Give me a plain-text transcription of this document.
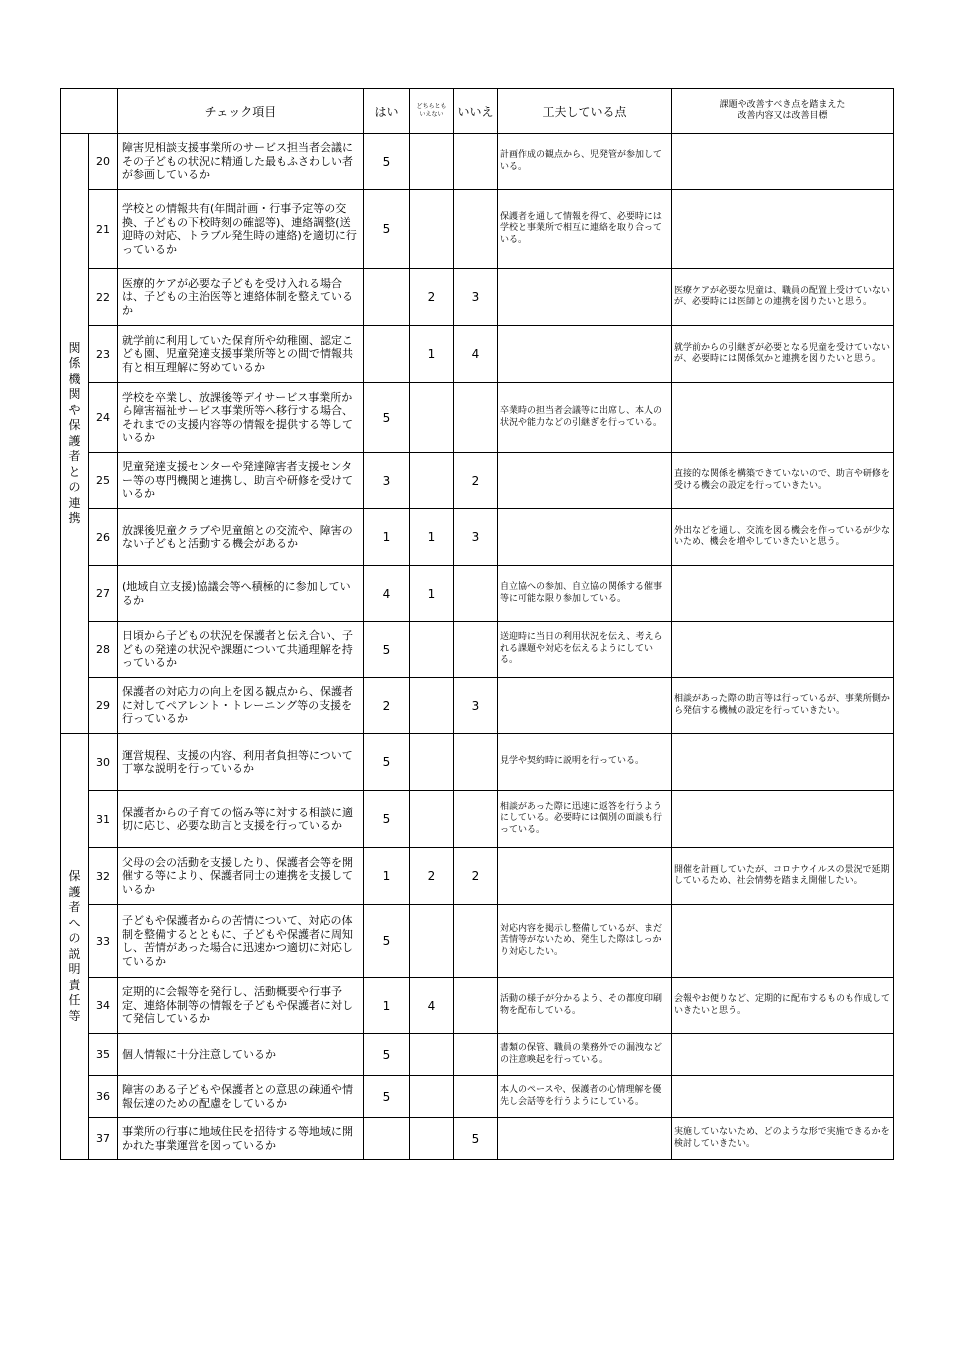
		チェック項目	はい	どちらとも
いえない	いいえ	工夫している点	課題や改善すべき点を踏まえた
改善内容又は改善目標
関係機関や保護者との連携	20	障害児相談支援事業所のサービス担当者会議にその子どもの状況に精通した最もふさわしい者が参画しているか	5			計画作成の観点から、児発管が参加している。	
	21	学校との情報共有(年間計画・行事予定等の交換、子どもの下校時刻の確認等)、連絡調整(送迎時の対応、トラブル発生時の連絡)を適切に行っているか	5			保護者を通して情報を得て、必要時には学校と事業所で相互に連絡を取り合っている。	
	22	医療的ケアが必要な子どもを受け入れる場合は、子どもの主治医等と連絡体制を整えているか		2	3		医療ケアが必要な児童は、職員の配置上受けていないが、必要時には医師との連携を図りたいと思う。
	23	就学前に利用していた保育所や幼稚園、認定こども園、児童発達支援事業所等との間で情報共有と相互理解に努めているか		1	4		就学前からの引継ぎが必要となる児童を受けていないが、必要時には関係気かと連携を図りたいと思う。
	24	学校を卒業し、放課後等デイサービス事業所から障害福祉サービス事業所等へ移行する場合、それまでの支援内容等の情報を提供する等しているか	5			卒業時の担当者会議等に出席し、本人の状況や能力などの引継ぎを行っている。	
	25	児童発達支援センターや発達障害者支援センター等の専門機関と連携し、助言や研修を受けているか	3		2		直接的な関係を構築できていないので、助言や研修を受ける機会の設定を行っていきたい。
	26	放課後児童クラブや児童館との交流や、障害のない子どもと活動する機会があるか	1	1	3		外出などを通し、交流を図る機会を作っているが少ないため、機会を増やしていきたいと思う。
	27	(地域自立支援)協議会等へ積極的に参加しているか	4	1		自立協への参加、自立協の関係する催事等に可能な限り参加している。	
	28	日頃から子どもの状況を保護者と伝え合い、子どもの発達の状況や課題について共通理解を持っているか	5			送迎時に当日の利用状況を伝え、考えられる課題や対応を伝えるようにしている。	
	29	保護者の対応力の向上を図る観点から、保護者に対してペアレント・トレーニング等の支援を行っているか	2		3		相談があった際の助言等は行っているが、事業所側から発信する機械の設定を行っていきたい。
保護者への説明責任等	30	運営規程、支援の内容、利用者負担等について丁寧な説明を行っているか	5			見学や契約時に説明を行っている。	
	31	保護者からの子育ての悩み等に対する相談に適切に応じ、必要な助言と支援を行っているか	5			相談があった際に迅速に返答を行うようにしている。必要時には個別の面談も行っている。	
	32	父母の会の活動を支援したり、保護者会等を開催する等により、保護者同士の連携を支援しているか	1	2	2		開催を計画していたが、コロナウイルスの景況で延期しているため、社会情勢を踏まえ開催したい。
	33	子どもや保護者からの苦情について、対応の体制を整備するとともに、子どもや保護者に周知し、苦情があった場合に迅速かつ適切に対応しているか	5			対応内容を掲示し整備しているが、まだ苦情等がないため、発生した際はしっかり対応したい。	
	34	定期的に会報等を発行し、活動概要や行事予定、連絡体制等の情報を子どもや保護者に対して発信しているか	1	4		活動の様子が分かるよう、その都度印刷物を配布している。	会報やお便りなど、定期的に配布するものも作成していきたいと思う。
	35	個人情報に十分注意しているか	5			書類の保管、職員の業務外での漏洩などの注意喚起を行っている。	
	36	障害のある子どもや保護者との意思の疎通や情報伝達のための配慮をしているか	5			本人のペースや、保護者の心情理解を優先し会話等を行うようにしている。	
	37	事業所の行事に地域住民を招待する等地域に開かれた事業運営を図っているか			5		実施していないため、どのような形で実施できるかを検討していきたい。
